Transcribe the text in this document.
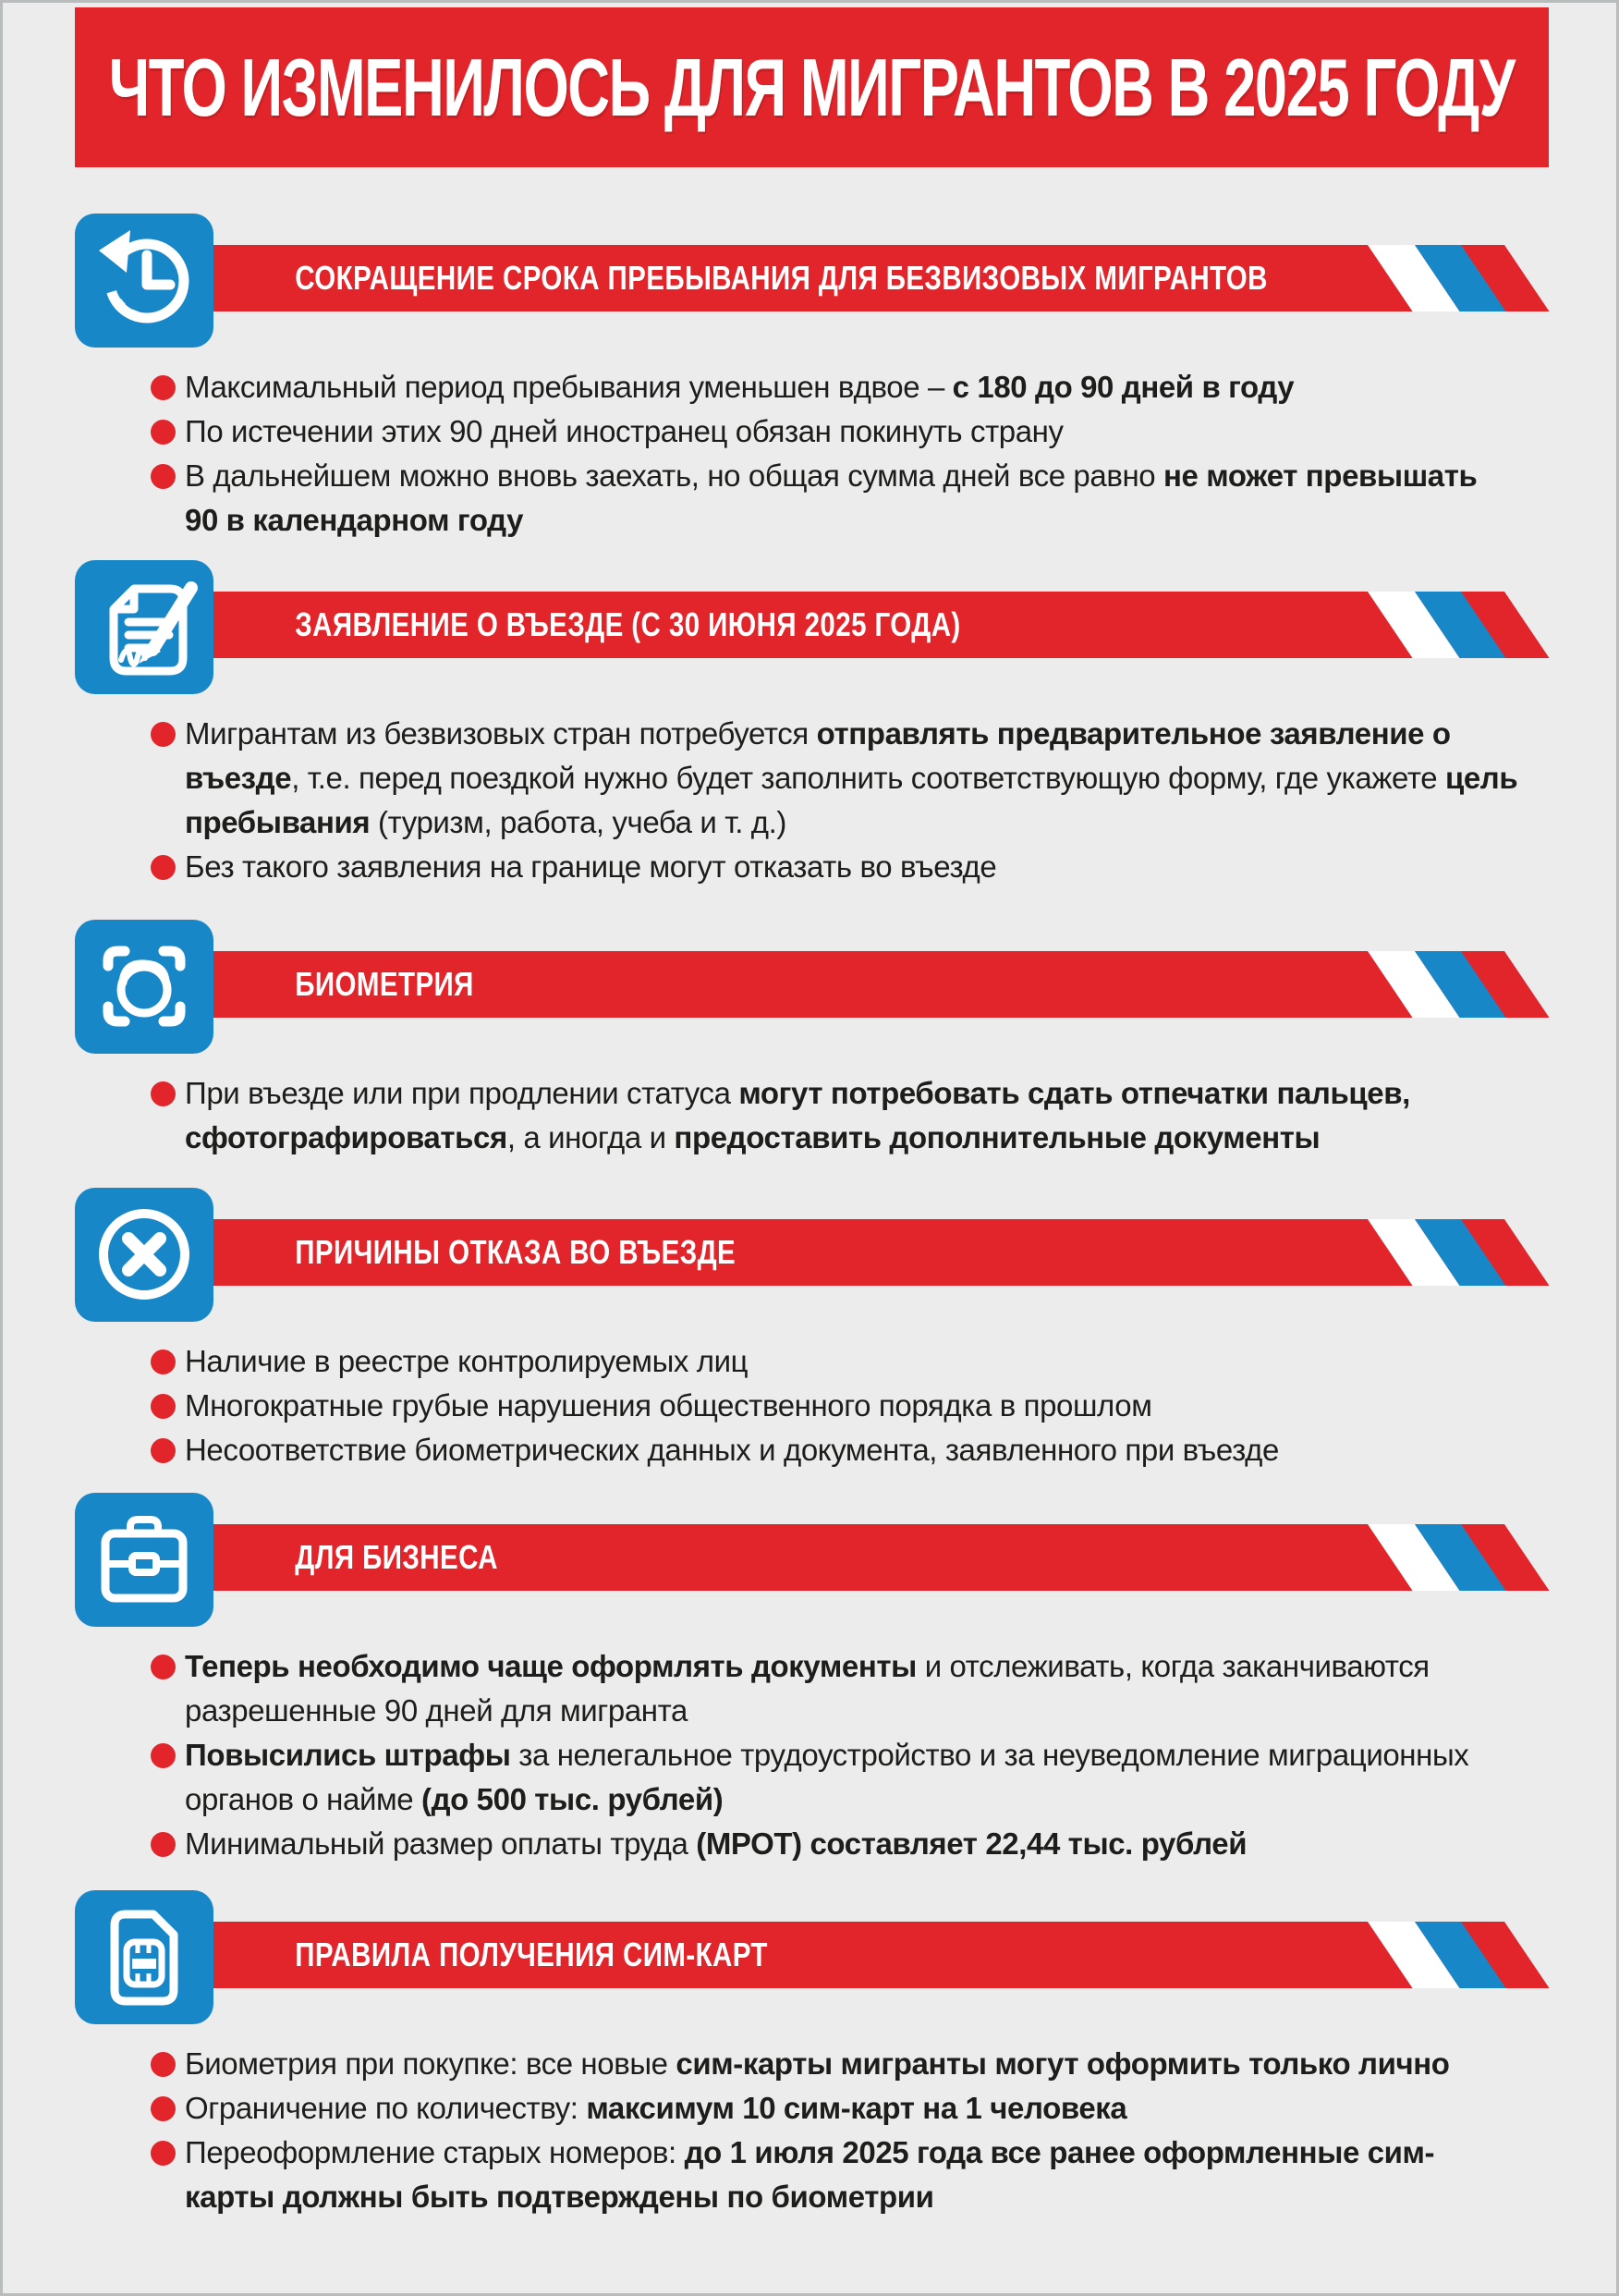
ЧТО ИЗМЕНИЛОСЬ ДЛЯ МИГРАНТОВ В 2025 ГОДУ
СОКРАЩЕНИЕ СРОКА ПРЕБЫВАНИЯ ДЛЯ БЕЗВИЗОВЫХ МИГРАНТОВ
Максимальный период пребывания уменьшен вдвое – с 180 до 90 дней в году
По истечении этих 90 дней иностранец обязан покинуть страну
В дальнейшем можно вновь заехать, но общая сумма дней все равно не может превышать 90 в календарном году
ЗАЯВЛЕНИЕ О ВЪЕЗДЕ (С 30 ИЮНЯ 2025 ГОДА)
Мигрантам из безвизовых стран потребуется отправлять предварительное заявление о въезде, т.е. перед поездкой нужно будет заполнить соответствующую форму, где укажете цель пребывания (туризм, работа, учеба и т. д.)
Без такого заявления на границе могут отказать во въезде
БИОМЕТРИЯ
При въезде или при продлении статуса могут потребовать сдать отпечатки пальцев, сфотографироваться, а иногда и предоставить дополнительные документы
ПРИЧИНЫ ОТКАЗА ВО ВЪЕЗДЕ
Наличие в реестре контролируемых лиц
Многократные грубые нарушения общественного порядка в прошлом
Несоответствие биометрических данных и документа, заявленного при въезде
ДЛЯ БИЗНЕСА
Теперь необходимо чаще оформлять документы и отслеживать, когда заканчиваются разрешенные 90 дней для мигранта
Повысились штрафы за нелегальное трудоустройство и за неуведомление миграционных органов о найме (до 500 тыс. рублей)
Минимальный размер оплаты труда (МРОТ) составляет 22,44 тыс. рублей
ПРАВИЛА ПОЛУЧЕНИЯ СИМ-КАРТ
Биометрия при покупке: все новые сим-карты мигранты могут оформить только лично
Ограничение по количеству: максимум 10 сим-карт на 1 человека
Переоформление старых номеров: до 1 июля 2025 года все ранее оформленные сим-карты должны быть подтверждены по биометрии
